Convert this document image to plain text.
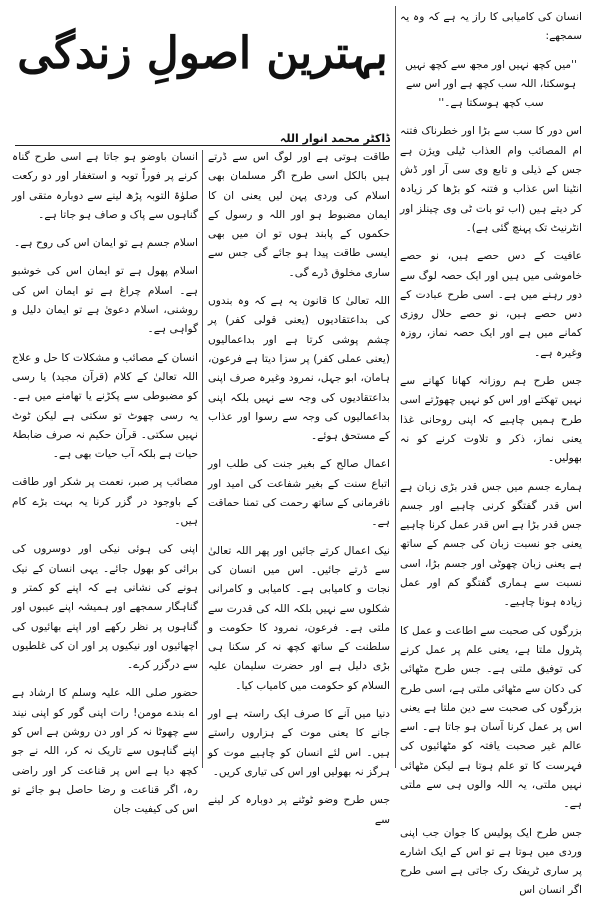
بہترین اصولِ زندگی
ڈاکٹر محمد انوار اللہ

انسان کی کامیابی کا راز یہ ہے کہ وہ یہ سمجھے:

''میں کچھ نہیں اور مجھ سے کچھ نہیں ہوسکتا، اللہ سب کچھ ہے اور اس سے سب کچھ ہوسکتا ہے۔''

اس دور کا سب سے بڑا اور خطرناک فتنہ ام المصائب وام العذاب ٹیلی ویژن ہے جس کے ذیلی و تابع وی سی آر اور ڈش انٹینا اس عذاب و فتنہ کو بڑھا کر زیادہ کر دیتے ہیں (اب تو بات ٹی وی چینلز اور انٹرنیٹ تک پہنچ گئی ہے)۔

عافیت کے دس حصے ہیں، نو حصے خاموشی میں ہیں اور ایک حصہ لوگ سے دور رہنے میں ہے۔ اسی طرح عبادت کے دس حصے ہیں، نو حصے حلال روزی کمانے میں ہے اور ایک حصہ نماز، روزہ وغیرہ ہے۔

جس طرح ہم روزانہ کھانا کھانے سے نہیں تھکتے اور اس کو نہیں چھوڑتے اسی طرح ہمیں چاہیے کہ اپنی روحانی غذا یعنی نماز، ذکر و تلاوت کرنے کو نہ بھولیں۔

ہمارے جسم میں جس قدر بڑی زبان ہے اس قدر گفتگو کرنی چاہیے اور جسم جس قدر بڑا ہے اس قدر عمل کرنا چاہیے یعنی جو نسبت زبان کی جسم کے ساتھ ہے یعنی زبان چھوٹی اور جسم بڑا، اسی نسبت سے ہماری گفتگو کم اور عمل زیادہ ہونا چاہیے۔

بزرگوں کی صحبت سے اطاعت و عمل کا پٹرول ملتا ہے، یعنی علم پر عمل کرنے کی توفیق ملتی ہے۔ جس طرح مٹھائی کی دکان سے مٹھائی ملتی ہے، اسی طرح بزرگوں کی صحبت سے دین ملتا ہے یعنی اس پر عمل کرنا آسان ہو جاتا ہے۔ اسے عالم غیر صحبت یافتہ کو مٹھائیوں کی فہرست کا تو علم ہوتا ہے لیکن مٹھائی نہیں ملتی، یہ اللہ والوں ہی سے ملتی ہے۔

جس طرح ایک پولیس کا جوان جب اپنی وردی میں ہوتا ہے تو اس کے ایک اشارے پر ساری ٹریفک رک جاتی ہے اسی طرح اگر انسان اس

طاقت ہوتی ہے اور لوگ اس سے ڈرتے ہیں بالکل اسی طرح اگر مسلمان بھی اسلام کی وردی پہن لیں یعنی ان کا ایمان مضبوط ہو اور اللہ و رسول کے حکموں کے پابند ہوں تو ان میں بھی ایسی طاقت پیدا ہو جائے گی جس سے ساری مخلوق ڈرے گی۔

اللہ تعالیٰ کا قانون یہ ہے کہ وہ بندوں کی بداعتقادیوں (یعنی قولی کفر) پر چشم پوشی کرتا ہے اور بداعمالیوں (یعنی عملی کفر) پر سزا دیتا ہے فرعون، ہامان، ابو جہل، نمرود وغیرہ صرف اپنی بداعتقادیوں کی وجہ سے نہیں بلکہ اپنی بداعمالیوں کی وجہ سے رسوا اور عذاب کے مستحق ہوئے۔

اعمال صالح کے بغیر جنت کی طلب اور اتباع سنت کے بغیر شفاعت کی امید اور نافرمانی کے ساتھ رحمت کی تمنا حماقت ہے۔

نیک اعمال کرتے جائیں اور پھر اللہ تعالیٰ سے ڈرتے جائیں۔ اس میں انسان کی نجات و کامیابی ہے۔ کامیابی و کامرانی شکلوں سے نہیں بلکہ اللہ کی قدرت سے ملتی ہے۔ فرعون، نمرود کا حکومت و سلطنت کے ساتھ کچھ نہ کر سکنا ہی بڑی دلیل ہے اور حضرت سلیمان علیہ السلام کو حکومت میں کامیاب کیا۔

دنیا میں آنے کا صرف ایک راستہ ہے اور جانے کا یعنی موت کے ہزاروں راستے ہیں۔ اس لئے انسان کو چاہیے موت کو ہرگز نہ بھولیں اور اس کی تیاری کریں۔

جس طرح وضو ٹوٹنے پر دوبارہ کر لینے سے

انسان باوضو ہو جاتا ہے اسی طرح گناہ کرنے پر فوراً توبہ و استغفار اور دو رکعت صلوٰۃ التوبہ پڑھ لینے سے دوبارہ متقی اور گناہوں سے پاک و صاف ہو جاتا ہے۔

اسلام جسم ہے تو ایمان اس کی روح ہے۔

اسلام پھول ہے تو ایمان اس کی خوشبو ہے۔ اسلام چراغ ہے تو ایمان اس کی روشنی، اسلام دعویٰ ہے تو ایمان دلیل و گواہی ہے۔

انسان کے مصائب و مشکلات کا حل و علاج اللہ تعالیٰ کے کلام (قرآن مجید) یا رسی کو مضبوطی سے پکڑنے یا تھامنے میں ہے۔ یہ رسی چھوٹ تو سکتی ہے لیکن ٹوٹ نہیں سکتی۔ قرآن حکیم نہ صرف ضابطۂ حیات ہے بلکہ آب حیات بھی ہے۔

مصائب پر صبر، نعمت پر شکر اور طاقت کے باوجود در گزر کرنا یہ بہت بڑے کام ہیں۔

اپنی کی ہوئی نیکی اور دوسروں کی برائی کو بھول جائے۔ یہی انسان کے نیک ہونے کی نشانی ہے کہ اپنے کو کمتر و گناہگار سمجھے اور ہمیشہ اپنے عیبوں اور گناہوں پر نظر رکھے اور اپنے بھائیوں کی اچھائیوں اور نیکیوں پر اور ان کی غلطیوں سے درگزر کرے۔

حضور صلی اللہ علیہ وسلم کا ارشاد ہے اے بندے مومن! رات اپنی گور کو اپنی نیند سے چھوٹا نہ کر اور دن روشن ہے اس کو اپنے گناہوں سے تاریک نہ کر، اللہ نے جو کچھ دیا ہے اس پر قناعت کر اور راضی رہ، اگر قناعت و رضا حاصل ہو جائے تو اس کی کیفیت جان
